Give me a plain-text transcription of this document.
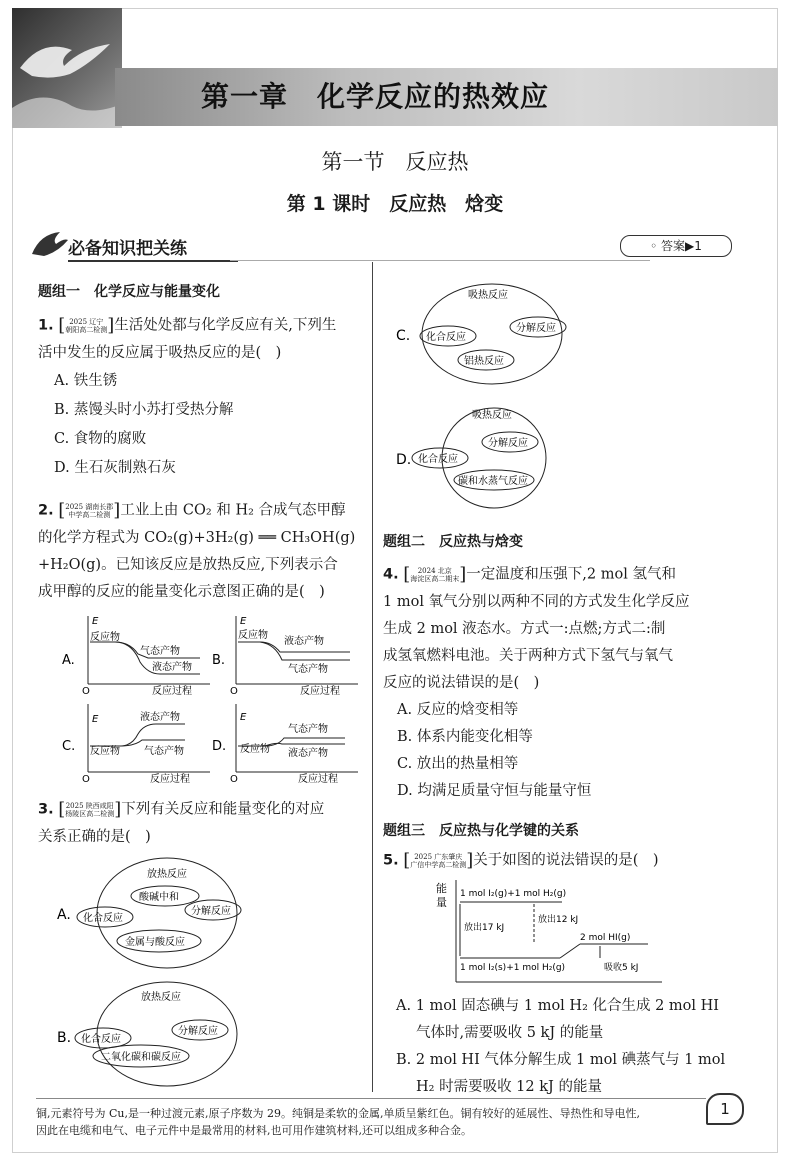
第一章　化学反应的热效应
第一节　反应热
第 1 课时　反应热　焓变
必备知识把关练	◦ 答案▶1
题组一　化学反应与能量变化
1. [ 2025 辽宁
朝阳高二检测]生活处处都与化学反应有关,下列生
活中发生的反应属于吸热反应的是(　)
A. 铁生锈
B. 蒸馒头时小苏打受热分解
C. 食物的腐败
D. 生石灰制熟石灰
2. [2025 湖南长郡
中学高二检测 ]工业上由 CO₂ 和 H₂ 合成气态甲醇
的化学方程式为 CO₂(g)+3H₂(g) ══ CH₃OH(g)
+H₂O(g)。已知该反应是放热反应,下列表示合
成甲醇的反应的能量变化示意图正确的是(　)
A.
E
O	反应过程
反应物
气态产物
液态产物 B.
E
O	反应过程
反应物
液态产物
气态产物
C.
E
O	反应过程
液态产物
反应物 气态产物 D.
E
O	反应过程
气态产物
反应物 液态产物
3. [2025 陕西咸阳
杨陵区高二检测]下列有关反应和能量变化的对应
关系正确的是(　)
A.
放热反应
酸碱中和
化合反应
分解反应
金属与酸反应
B.
放热反应
化合反应
分解反应
二氧化碳和碳反应
C.
吸热反应
化合反应
分解反应
铝热反应
D.
吸热反应
分解反应
化合反应
碳和水蒸气反应
题组二　反应热与焓变
4. [ 2024 北京
海淀区高二期末]一定温度和压强下,2 mol 氢气和
1 mol 氧气分别以两种不同的方式发生化学反应
生成 2 mol 液态水。方式一:点燃;方式二:制
成氢氧燃料电池。关于两种方式下氢气与氧气
反应的说法错误的是(　)
A. 反应的焓变相等
B. 体系内能变化相等
C. 放出的热量相等
D. 均满足质量守恒与能量守恒
题组三　反应热与化学键的关系
5. [ 2025 广东肇庆
广信中学高二检测]关于如图的说法错误的是(　)
能
量
1 mol I₂(g)+1 mol H₂(g)
1 mol I₂(s)+1 mol H₂(g)
2 mol HI(g)
放出17 kJ
放出12 kJ
吸收5 kJ
A. 1 mol 固态碘与 1 mol H₂ 化合生成 2 mol HI
气体时,需要吸收 5 kJ 的能量
B. 2 mol HI 气体分解生成 1 mol 碘蒸气与 1 mol
H₂ 时需要吸收 12 kJ 的能量
铜,元素符号为 Cu,是一种过渡元素,原子序数为 29。纯铜是柔软的金属,单质呈紫红色。铜有较好的延展性、导热性和导电性,
因此在电缆和电气、电子元件中是最常用的材料,也可用作建筑材料,还可以组成多种合金。
1
